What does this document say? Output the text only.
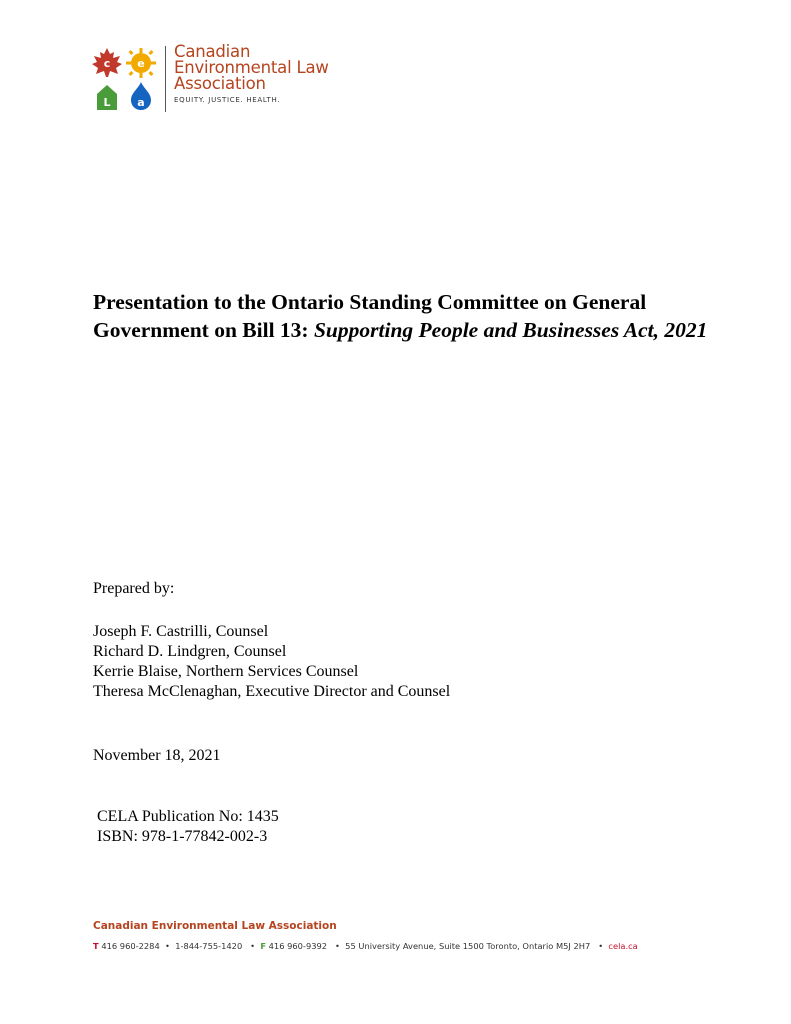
c e
L a
Canadian
Environmental Law
Association
EQUITY. JUSTICE. HEALTH.
Presentation to the Ontario Standing Committee on General Government on Bill 13: Supporting People and Businesses Act, 2021
Prepared by:
Joseph F. Castrilli, Counsel
Richard D. Lindgren, Counsel
Kerrie Blaise, Northern Services Counsel
Theresa McClenaghan, Executive Director and Counsel
November 18, 2021
CELA Publication No: 1435
ISBN: 978-1-77842-002-3
Canadian Environmental Law Association
T 416 960-2284  •  1-844-755-1420   •  F 416 960-9392   •  55 University Avenue, Suite 1500 Toronto, Ontario M5J 2H7   •  cela.ca
